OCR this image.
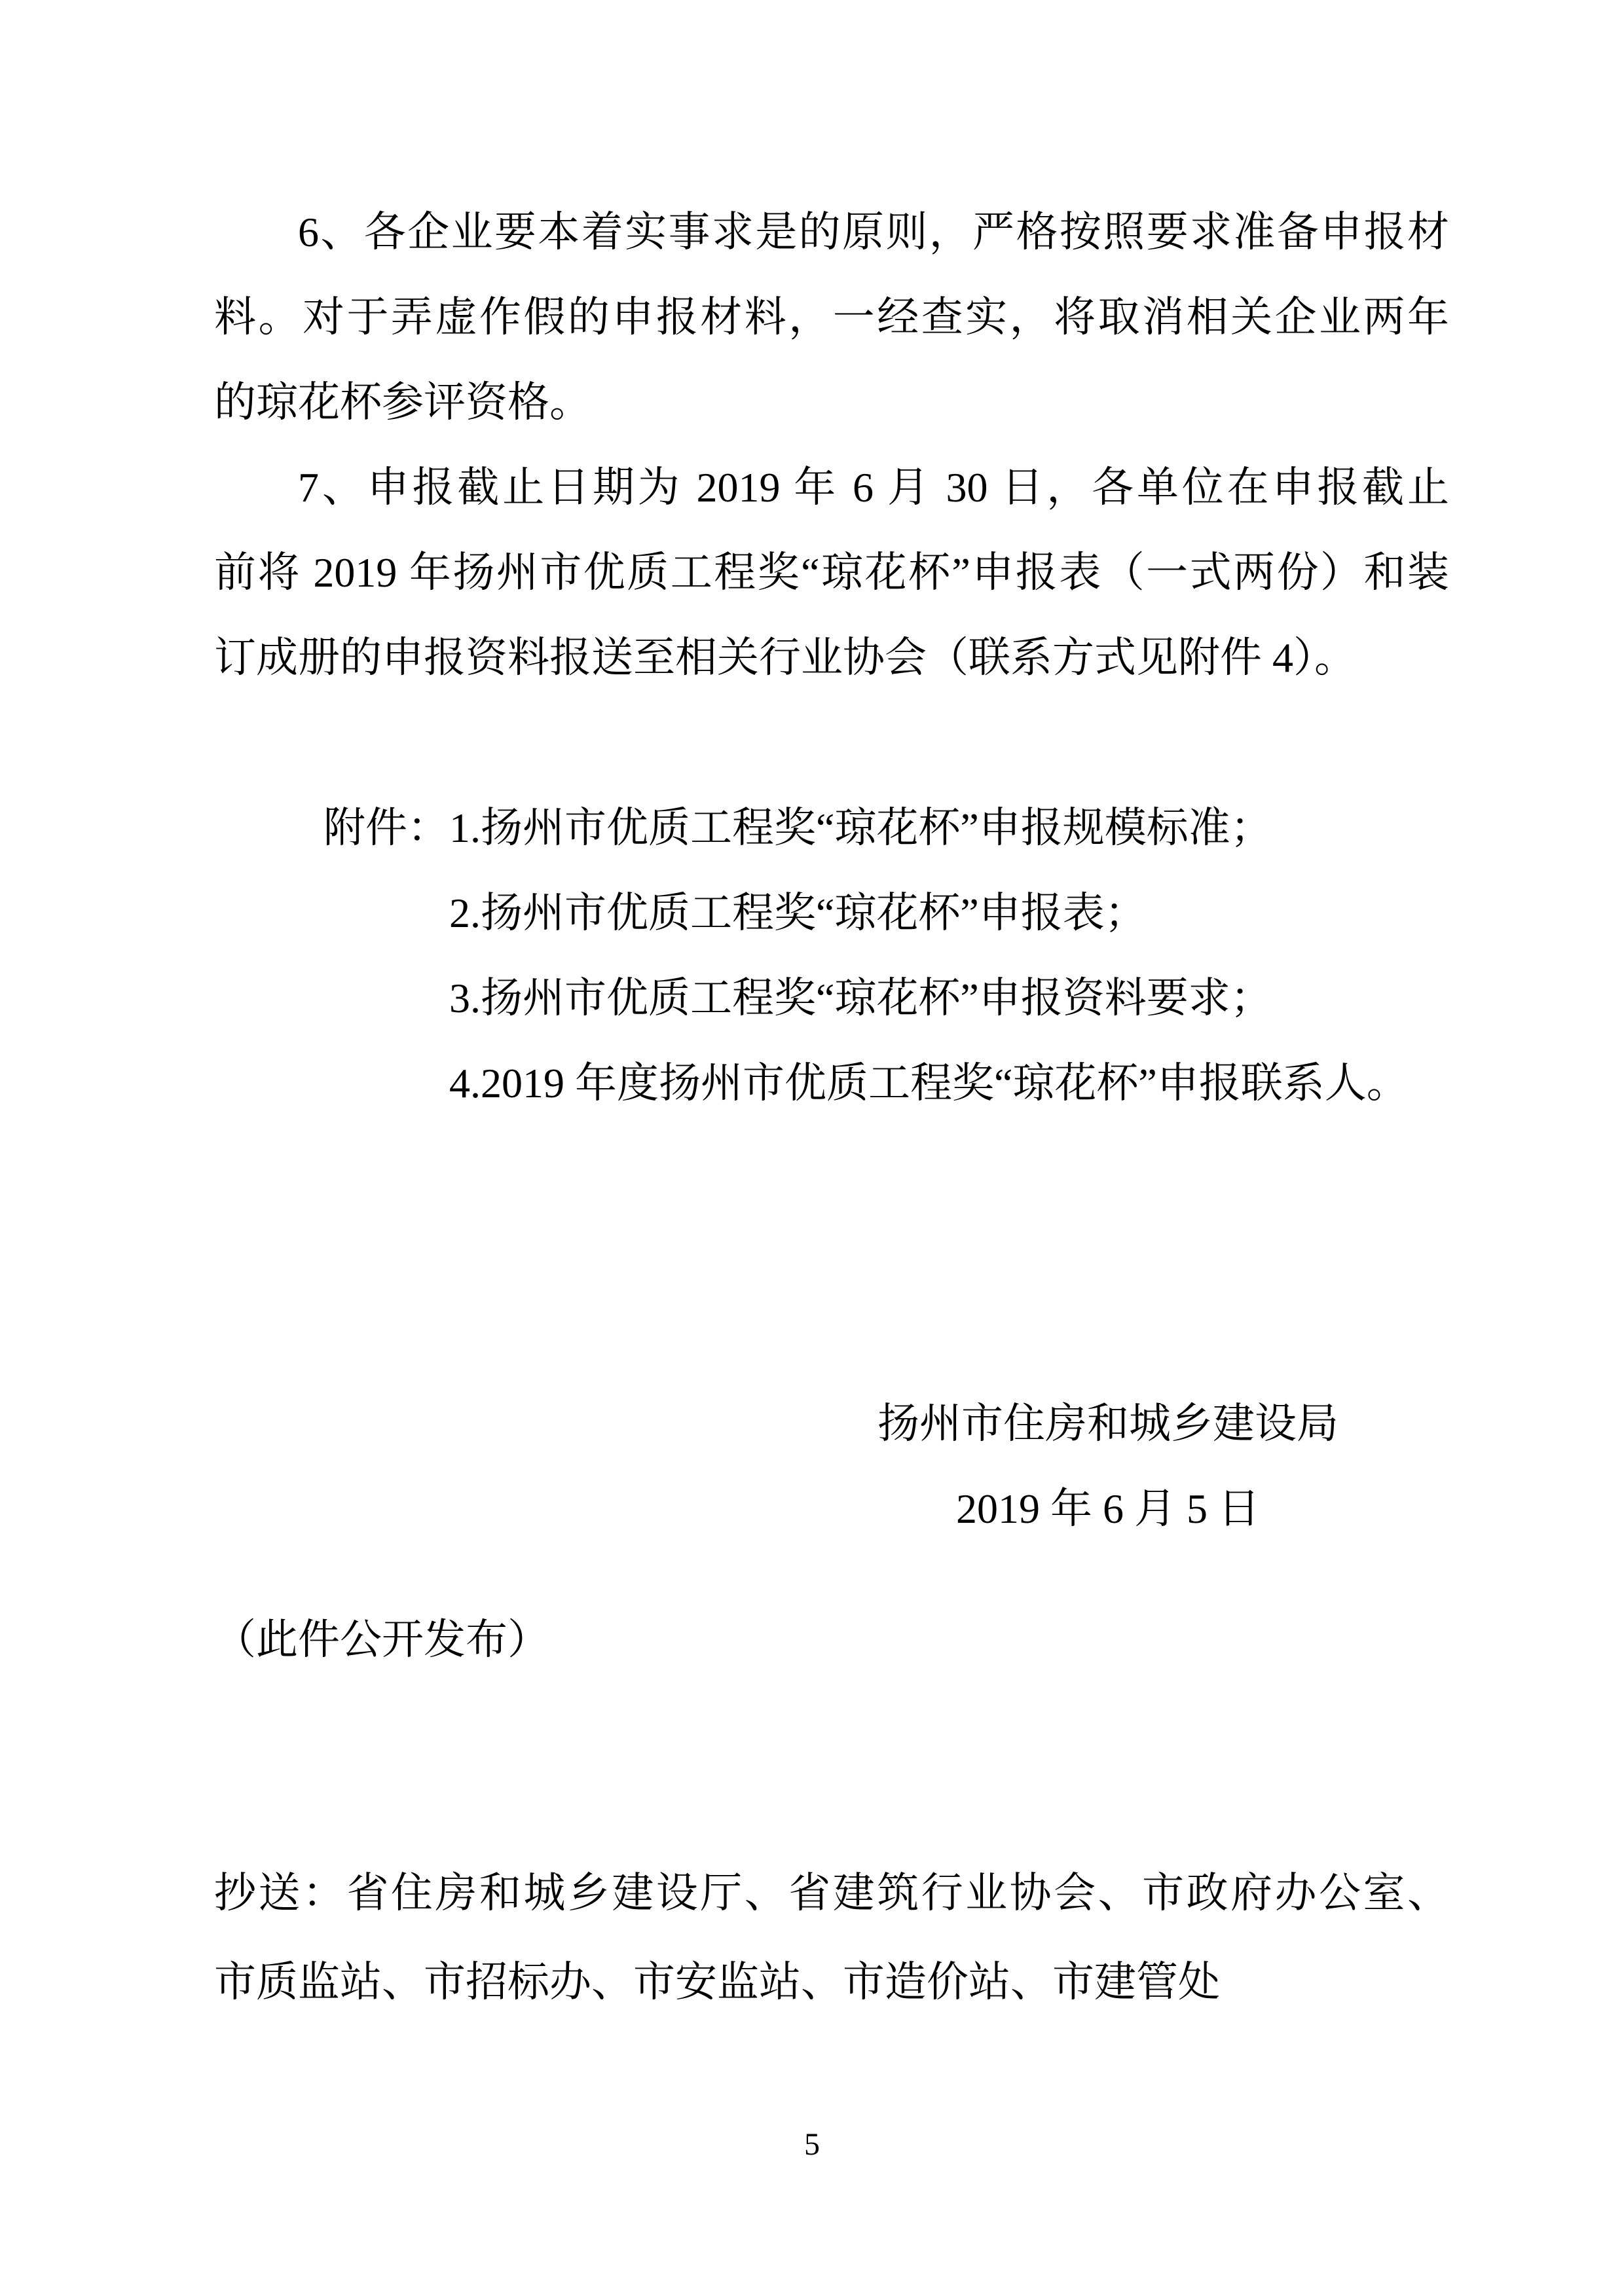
6、各企业要本着实事求是的原则，严格按照要求准备申报材
料。对于弄虚作假的申报材料，一经查实，将取消相关企业两年
的琼花杯参评资格。
7、申报截止日期为 2019 年 6 月 30 日，各单位在申报截止
前将 2019 年扬州市优质工程奖“琼花杯”申报表（一式两份）和装
订成册的申报资料报送至相关行业协会（联系方式见附件 4）。
附件： 1.扬州市优质工程奖“琼花杯”申报规模标准；
2.扬州市优质工程奖“琼花杯”申报表；
3.扬州市优质工程奖“琼花杯”申报资料要求；
4.2019 年度扬州市优质工程奖“琼花杯”申报联系人。
扬州市住房和城乡建设局
2019 年 6 月 5 日
（此件公开发布）
抄送：省住房和城乡建设厅、省建筑行业协会、市政府办公室、
市质监站、市招标办、市安监站、市造价站、市建管处
5
